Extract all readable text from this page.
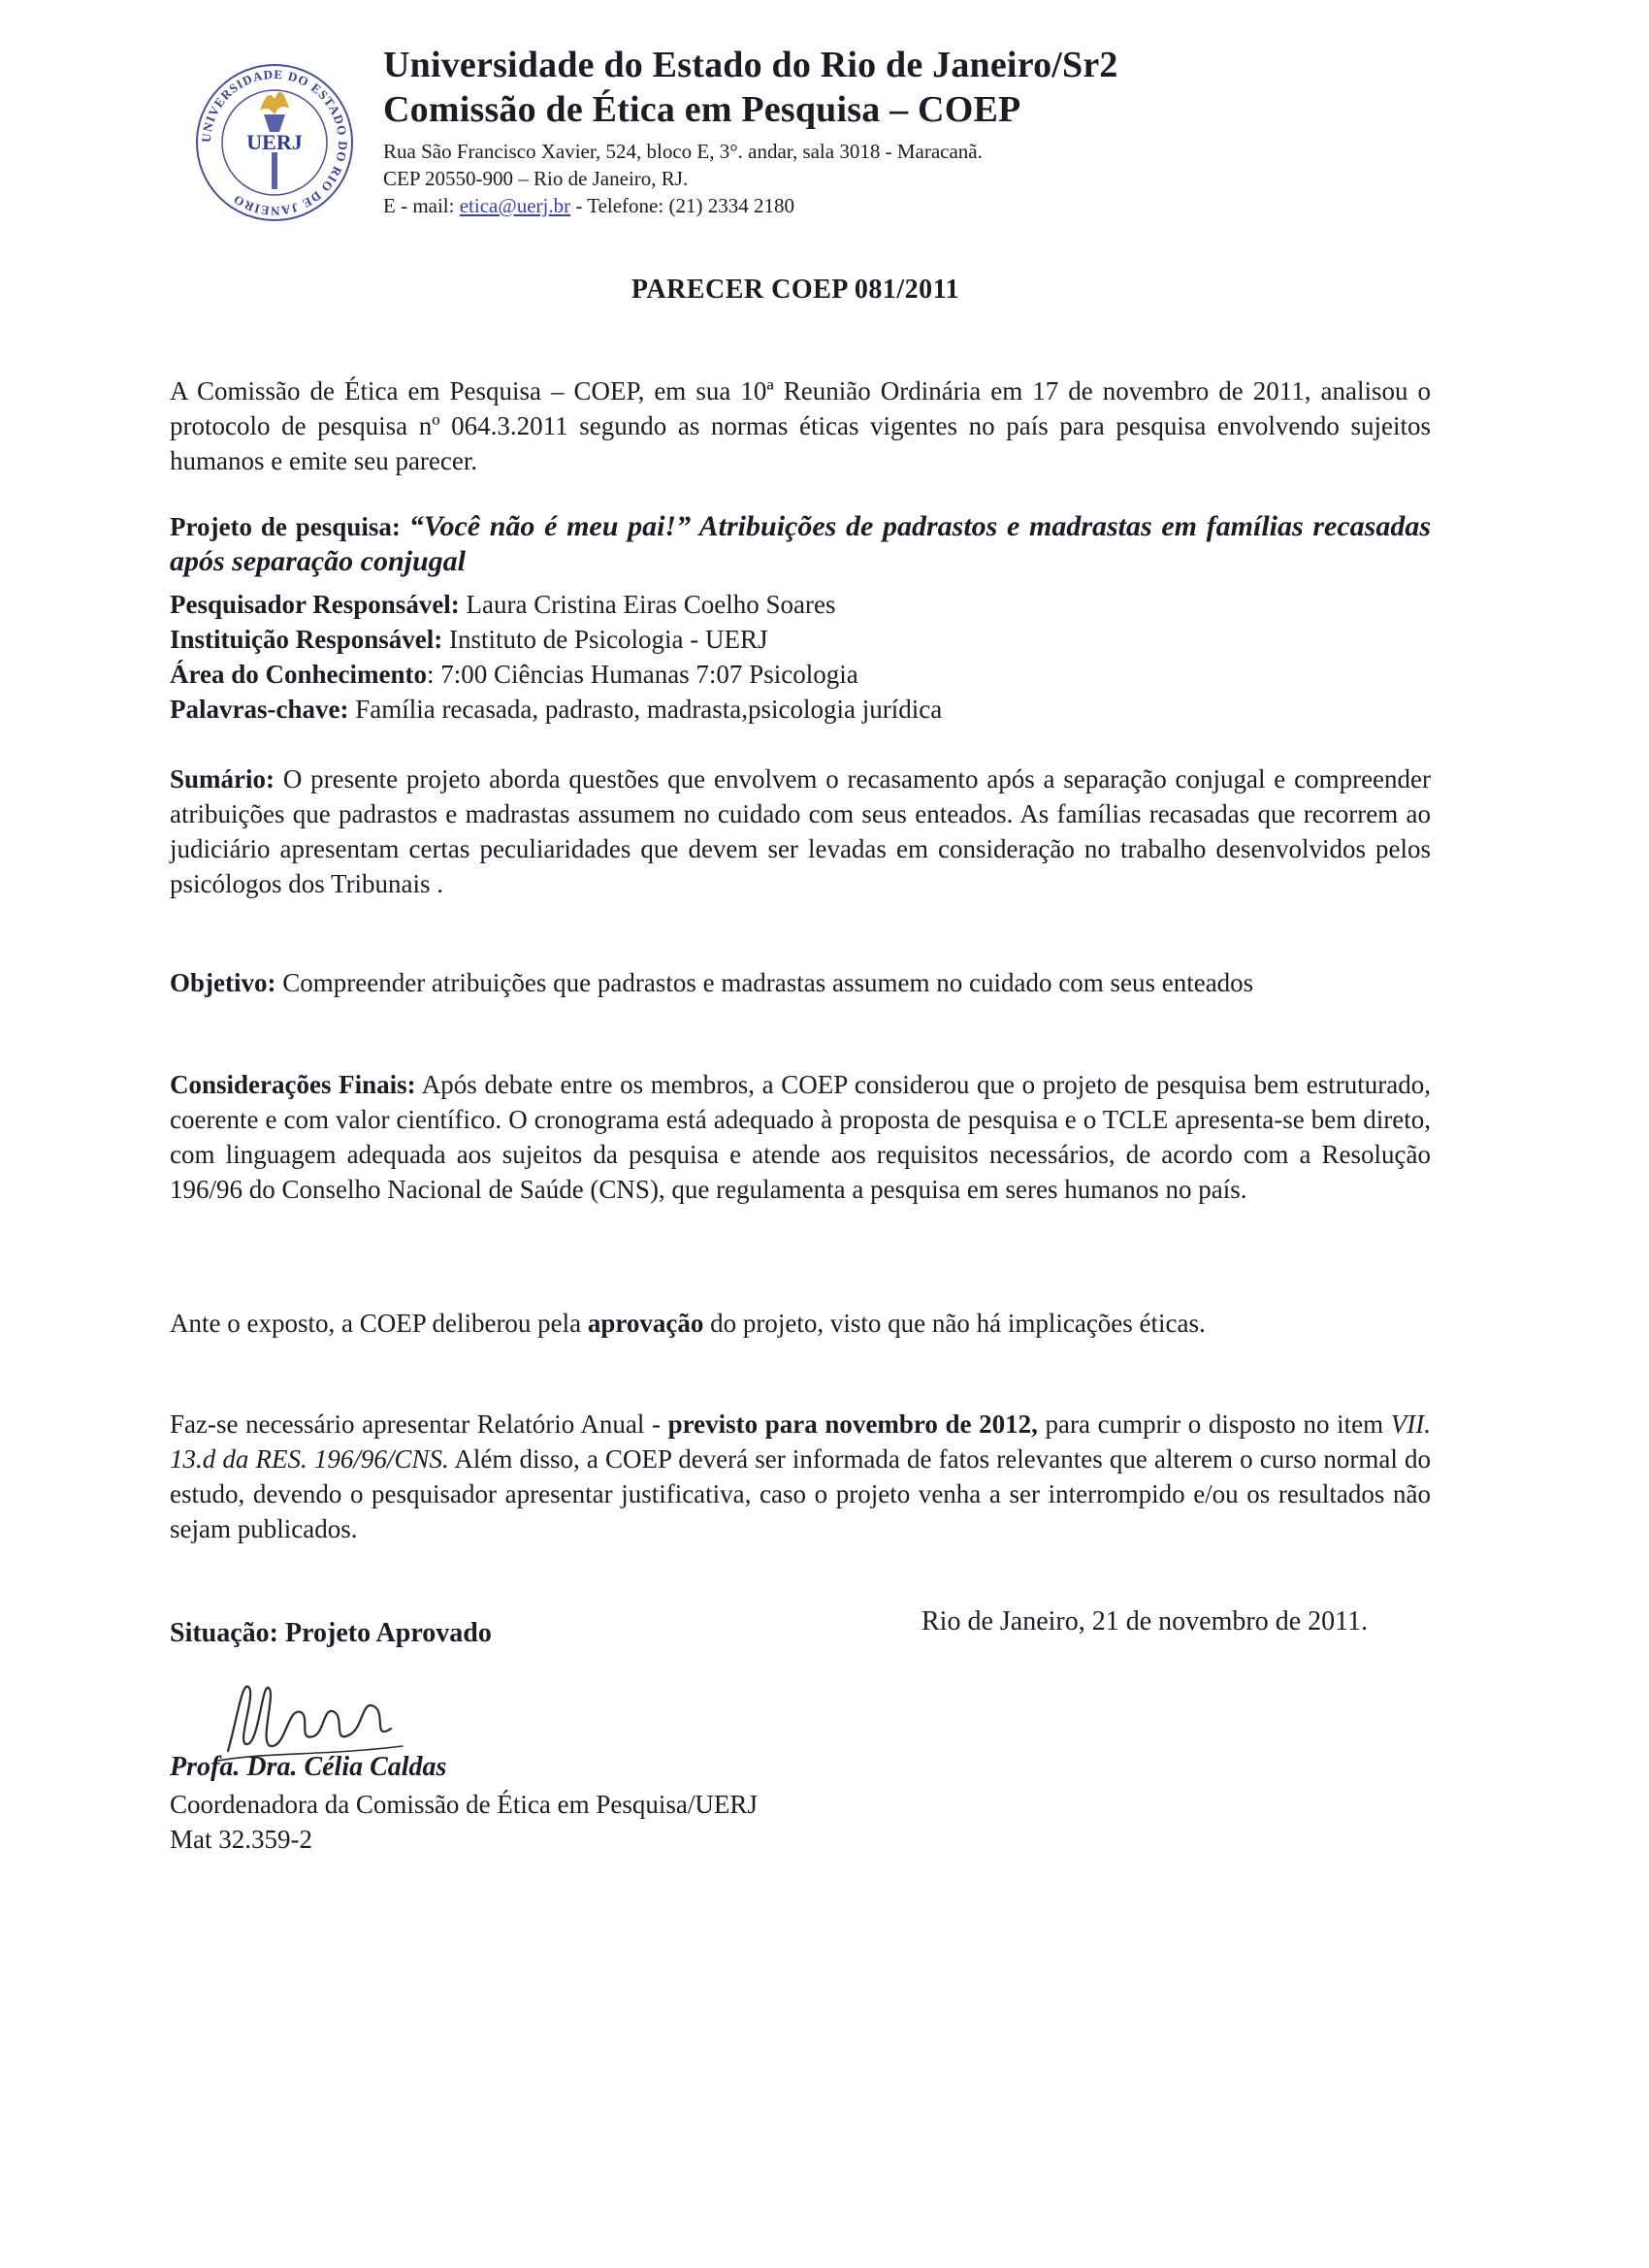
UNIVERSIDADE DO ESTADO DO RIO DE JANEIRO
UERJ

Universidade do Estado do Rio de Janeiro/Sr2

Comissão de Ética em Pesquisa – COEP

Rua São Francisco Xavier, 524, bloco E, 3°. andar, sala 3018 - Maracanã.

CEP 20550-900 – Rio de Janeiro, RJ.

E - mail: etica@uerj.br - Telefone: (21) 2334 2180

PARECER COEP 081/2011

A Comissão de Ética em Pesquisa – COEP, em sua 10ª Reunião Ordinária em 17 de novembro de 2011, analisou o protocolo de pesquisa nº 064.3.2011 segundo as normas éticas vigentes no país para pesquisa envolvendo sujeitos humanos e emite seu parecer.

Projeto de pesquisa: “Você não é meu pai!” Atribuições de padrastos e madrastas em famílias recasadas após separação conjugal

Pesquisador Responsável: Laura Cristina Eiras Coelho Soares

Instituição Responsável: Instituto de Psicologia - UERJ

Área do Conhecimento: 7:00 Ciências Humanas 7:07 Psicologia

Palavras-chave: Família recasada, padrasto, madrasta,psicologia jurídica

Sumário: O presente projeto aborda questões que envolvem o recasamento após a separação conjugal e compreender atribuições que padrastos e madrastas assumem no cuidado com seus enteados. As famílias recasadas que recorrem ao judiciário apresentam certas peculiaridades que devem ser levadas em consideração no trabalho desenvolvidos pelos psicólogos dos Tribunais .

Objetivo: Compreender atribuições que padrastos e madrastas assumem no cuidado com seus enteados

Considerações Finais: Após debate entre os membros, a COEP considerou que o projeto de pesquisa bem estruturado, coerente e com valor científico. O cronograma está adequado à proposta de pesquisa e o TCLE apresenta-se bem direto, com linguagem adequada aos sujeitos da pesquisa e atende aos requisitos necessários, de acordo com a Resolução 196/96 do Conselho Nacional de Saúde (CNS), que regulamenta a pesquisa em seres humanos no país.

Ante o exposto, a COEP deliberou pela aprovação do projeto, visto que não há implicações éticas.

Faz-se necessário apresentar Relatório Anual - previsto para novembro de 2012, para cumprir o disposto no item VII. 13.d da RES. 196/96/CNS. Além disso, a COEP deverá ser informada de fatos relevantes que alterem o curso normal do estudo, devendo o pesquisador apresentar justificativa, caso o projeto venha a ser interrompido e/ou os resultados não sejam publicados.

Situação: Projeto Aprovado	Rio de Janeiro, 21 de novembro de 2011.
Profa. Dra. Célia Caldas
Coordenadora da Comissão de Ética em Pesquisa/UERJ
Mat 32.359-2
